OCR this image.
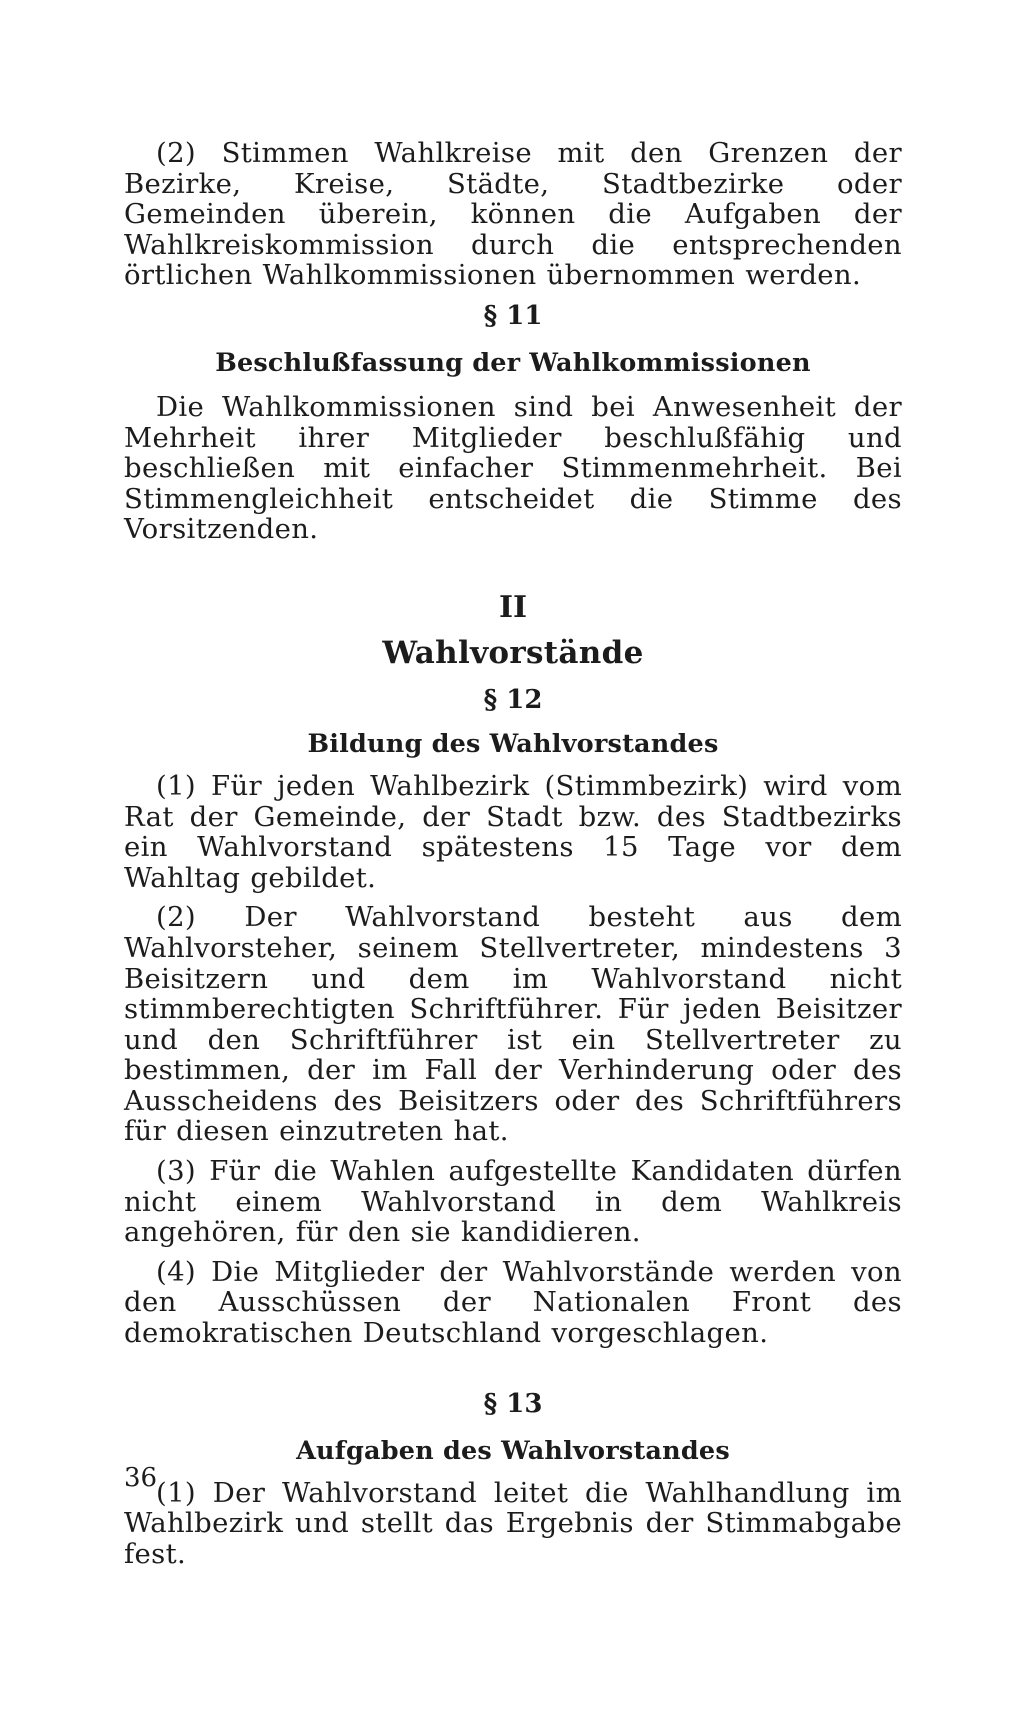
(2) Stimmen Wahlkreise mit den Grenzen der Bezirke, Kreise, Städte, Stadtbezirke oder Gemeinden überein, können die Aufgaben der Wahlkreiskommission durch die entsprechenden örtlichen Wahlkommissionen übernommen werden.

§ 11

Beschlußfassung der Wahlkommissionen

Die Wahlkommissionen sind bei Anwesenheit der Mehrheit ihrer Mitglieder beschlußfähig und beschließen mit einfacher Stimmenmehrheit. Bei Stimmengleichheit entscheidet die Stimme des Vorsitzenden.

II

Wahlvorstände

§ 12

Bildung des Wahlvorstandes

(1) Für jeden Wahlbezirk (Stimmbezirk) wird vom Rat der Gemeinde, der Stadt bzw. des Stadtbezirks ein Wahlvorstand spätestens 15 Tage vor dem Wahltag gebildet.

(2) Der Wahlvorstand besteht aus dem Wahlvorsteher, seinem Stellvertreter, mindestens 3 Beisitzern und dem im Wahlvorstand nicht stimmberechtigten Schriftführer. Für jeden Beisitzer und den Schriftführer ist ein Stellvertreter zu bestimmen, der im Fall der Verhinderung oder des Ausscheidens des Beisitzers oder des Schriftführers für diesen einzutreten hat.

(3) Für die Wahlen aufgestellte Kandidaten dürfen nicht einem Wahlvorstand in dem Wahlkreis angehören, für den sie kandidieren.

(4) Die Mitglieder der Wahlvorstände werden von den Ausschüssen der Nationalen Front des demokratischen Deutschland vorgeschlagen.

§ 13

Aufgaben des Wahlvorstandes

(1) Der Wahlvorstand leitet die Wahlhandlung im Wahlbezirk und stellt das Ergebnis der Stimmabgabe fest.

36
